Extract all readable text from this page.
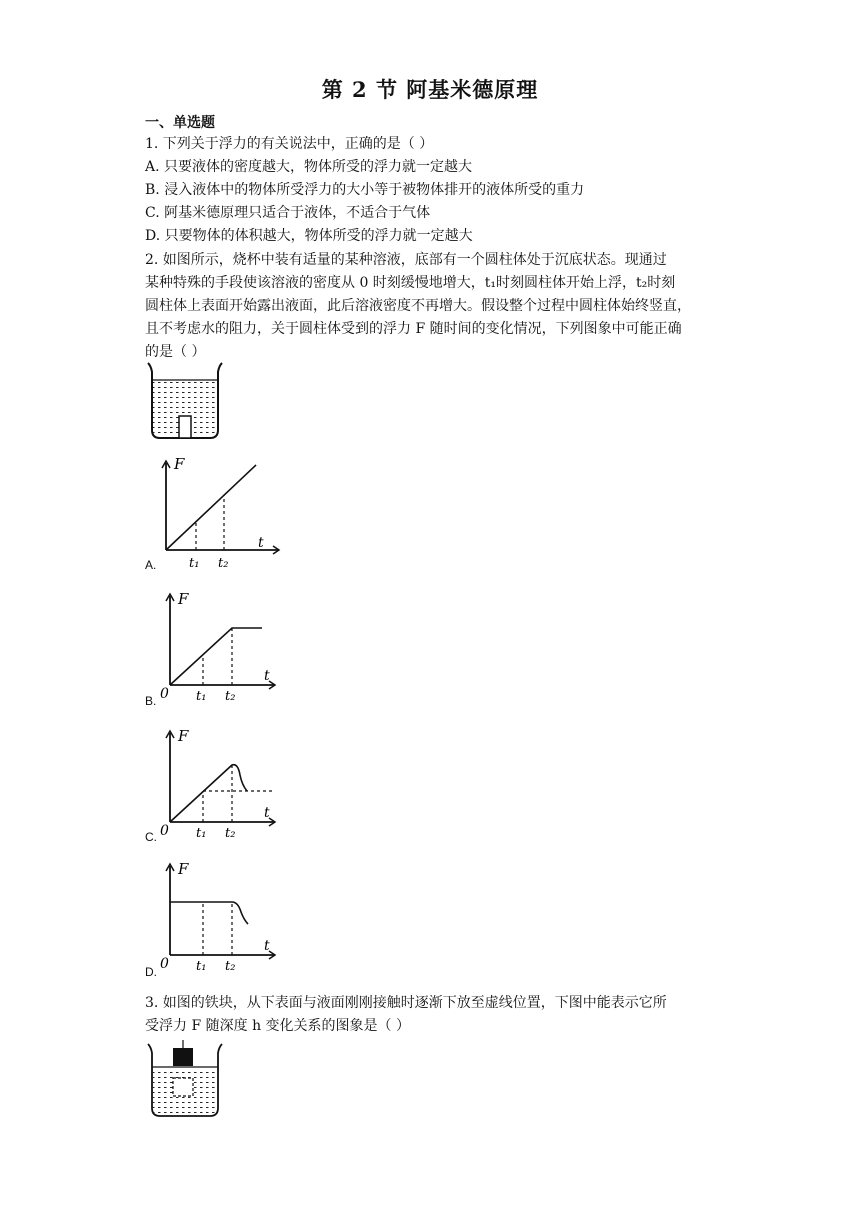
第 2 节 阿基米德原理
一、单选题
1. 下列关于浮力的有关说法中，正确的是（ ）
A. 只要液体的密度越大，物体所受的浮力就一定越大
B. 浸入液体中的物体所受浮力的大小等于被物体排开的液体所受的重力
C. 阿基米德原理只适合于液体，不适合于气体
D. 只要物体的体积越大，物体所受的浮力就一定越大
2. 如图所示，烧杯中装有适量的某种溶液，底部有一个圆柱体处于沉底状态。现通过
某种特殊的手段使该溶液的密度从 0 时刻缓慢地增大，t₁时刻圆柱体开始上浮，t₂时刻
圆柱体上表面开始露出液面，此后溶液密度不再增大。假设整个过程中圆柱体始终竖直，
且不考虑水的阻力，关于圆柱体受到的浮力 F 随时间的变化情况，下列图象中可能正确
的是（ ）
F
t
t₁ t₂
A.
F
t
0 t₁ t₂
B.
F
t
0 t₁ t₂
C.
F
t
0 t₁ t₂
D.
3. 如图的铁块，从下表面与液面刚刚接触时逐渐下放至虚线位置，下图中能表示它所
受浮力 F 随深度 h 变化关系的图象是（ ）
